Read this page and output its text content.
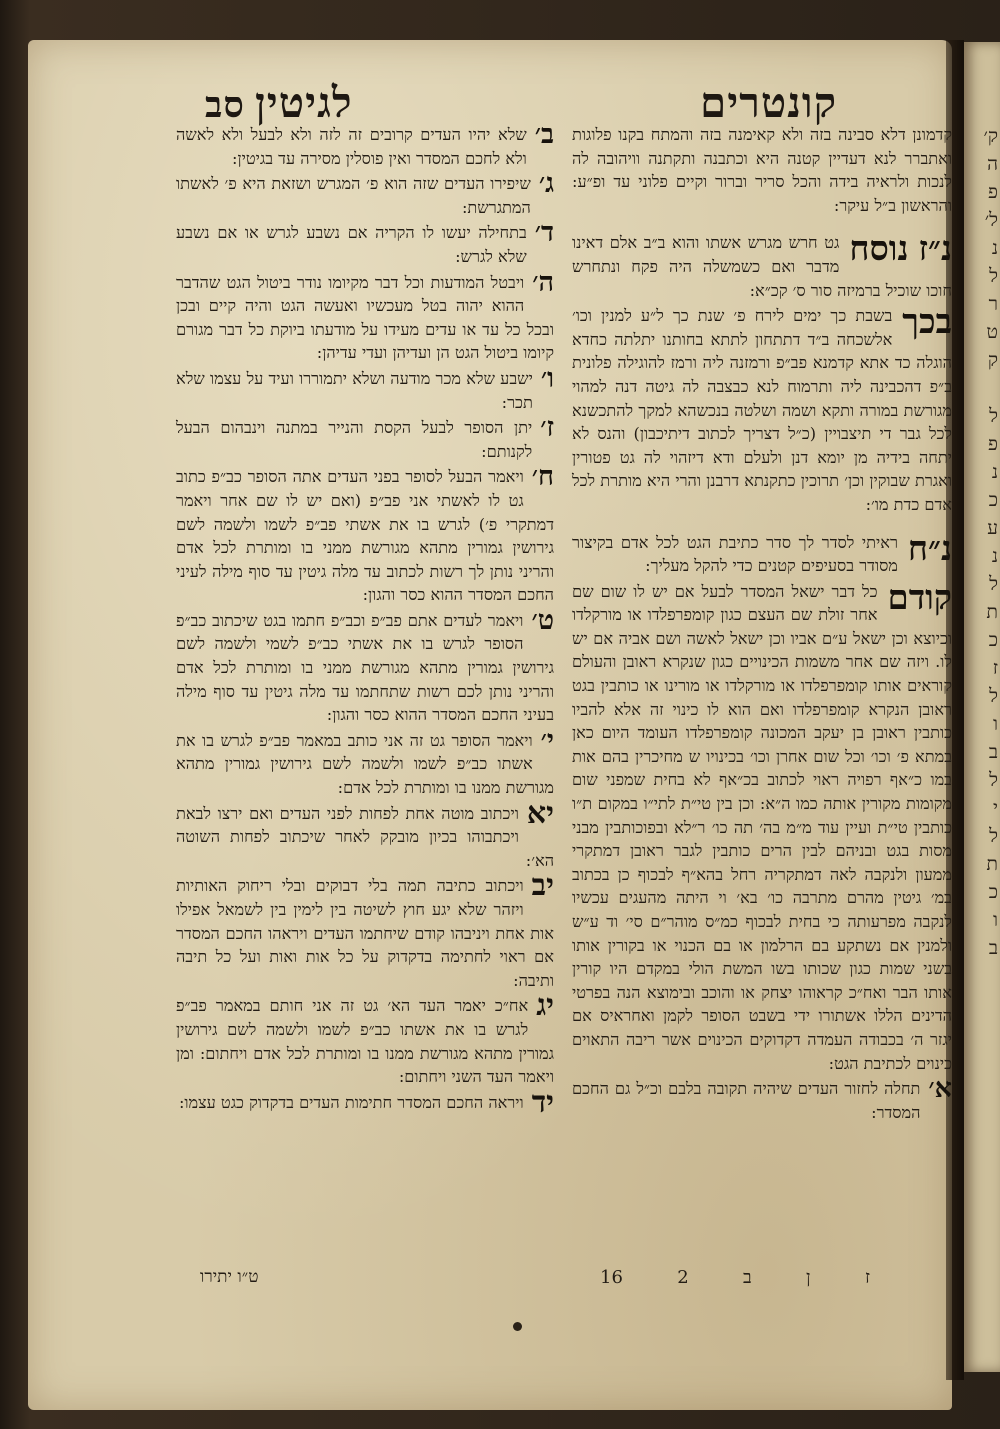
ק׳
ה
פ
ל׳
נ
ל
ר
ט
ק

ל
פ
נ
כ
ע
נ
ל
ת
כ
ז
ל
ו
ב
ל
י
ל
ת
כ
ו
ב
סב לגיטין	קונטרים
ב׳
שלא יהיו העדים קרובים זה לזה ולא לבעל ולא לאשה ולא לחכם המסדר ואין פוסלין מסירה עד בגיטין:
ג׳
שיפירו העדים שזה הוא פ׳ המגרש ושזאת היא פ׳ לאשתו המתגרשת:
ד׳
בתחילה יעשו לו הקריה אם נשבע לגרש או אם נשבע שלא לגרש:
ה׳
ויבטל המודעות וכל דבר מקיומו נודר ביטול הגט שהדבר ההוא יהוה בטל מעכשיו ואעשה הגט והיה קיים ובכן ובכל כל עד או עדים מעידו על מודעתו ביוקת כל דבר מגורם קיומו ביטול הגט הן ועדיהן ועדי עדיהן:
ו׳
ישבע שלא מכר מודעה ושלא יתמוררו ועיד על עצמו שלא תכר:
ז׳
יתן הסופר לבעל הקסת והנייר במתנה וינבהום הבעל לקנותם:
ח׳
ויאמר הבעל לסופר בפני העדים אתה הסופר כב״פ כתוב גט לו לאשתי אני פב״פ (ואם יש לו שם אחר ויאמר דמתקרי פ׳) לגרש בו את אשתי פב״פ לשמו ולשמה לשם גירושין גמורין מתהא מגורשת ממני בו ומותרת לכל אדם והריני נותן לך רשות לכתוב עד מלה גיטין עד סוף מילה לעיני החכם המסדר ההוא כסר והגון:
ט׳
ויאמר לעדים אתם פב״פ וכב״פ חתמו בגט שיכתוב כב״פ הסופר לגרש בו את אשתי כב״פ לשמי ולשמה לשם גירושין גמורין מתהא מגורשת ממני בו ומותרת לכל אדם והריני נותן לכם רשות שתחתמו עד מלה גיטין עד סוף מילה בעיני החכם המסדר ההוא כסר והגון:
י׳
ויאמר הסופר גט זה אני כותב במאמר פב״פ לגרש בו את אשתו כב״פ לשמו ולשמה לשם גירושין גמורין מתהא מגורשת ממנו בו ומותרת לכל אדם:
יא
ויכתוב מוטה אחת לפחות לפני העדים ואם ירצו לבאת ויכתבוהו בכיון מובקק לאחר שיכתוב לפחות השוטה הא׳:
יב
ויכתוב כתיבה תמה בלי דבוקים ובלי ריחוק האותיות ויזהר שלא יגע חוץ לשיטה בין לימין בין לשמאל אפילו אות אחת ויניבהו קודם שיחתמו העדים ויראהו החכם המסדר אם ראוי לחתימה בדקדוק על כל אות ואות ועל כל תיבה ותיבה:
יג
אח״כ יאמר העד הא׳ גט זה אני חותם במאמר פב״פ לגרש בו את אשתו כב״פ לשמו ולשמה לשם גירושין גמורין מתהא מגורשת ממנו בו ומותרת לכל אדם ויחתום: ומן ויאמר העד השני ויחתום:
יד
ויראה החכם המסדר חתימות העדים בדקדוק כגט עצמו:
קדמונן דלא סבינה בזה ולא קאימנה בזה והמתח בקנו פלוגות ואתברר לנא דעדיין קטנה היא וכתבנה ותקתנה וויהובה לה לנכות ולראיה בידה והכל סריר וברור וקיים פלוני עד ופ״ע: והראשון ב״ל עיקר:
נ״ז
נוסח
גט חרש מגרש אשתו והוא ב״ב אלם דאינו מדבר ואם כשמשלה היה פקח ונתחרש חוכו שוכיל ברמיזה סור ס׳ קכ״א:
בכך
בשבת כך ימים לירח פ׳ שנת כך ל״ע למנין וכו׳ אלשכחה ב״ד דתתחון לתתא בחותנו יתלתה כחדא הוגלה כד אתא קדמנא פב״פ ורמזנה ליה ורמז להוגילה פלונית ב״פ דהכבינה ליה ותרמוח לנא כבצבה לה גיטה דנה למהוי מגורשת במורה ותקא ושמה ושלטה בנכשהא למקך להתכשנא לכל גבר די תיצבויין (כ״ל דצריך לכתוב דיתיכבון) והנס לא יתחה בידיה מן יומא דנן ולעלם ודא דיזהוי לה גט פטורין ואגרת שבוקין וכן׳ תרוכין כתקנתא דרבנן והרי היא מותרת לכל אדם כדת מו׳:
נ״ח
ראיתי לסדר לך סדר כתיבת הגט לכל אדם בקיצור מסודר בסעיפים קטנים כדי להקל מעליך:
קודם
כל דבר ישאל המסדר לבעל אם יש לו שום שם אחר זולת שם העצם כגון קומפרפלדו או מורקלדו וכיוצא וכן ישאל ע״ם אביו וכן ישאל לאשה ושם אביה אם יש לו. ויזה שם אחר משמות הכינויים כגון שנקרא ראובן והעולם קוראים אותו קומפרפלדו או מורקלדו או מורינו או כותבין בגט ראובן הנקרא קומפרפלדו ואם הוא לו כינוי זה אלא להביו כותבין ראובן בן יעקב המכונה קומפרפלדו העומד היום כאן במתא פ׳ וכו׳ וכל שום אחרן וכו׳ בכינויו ש מחיכרין בהם אות במו כ״אף רפויה ראוי לכתוב בכ״אף לא בחית שמפני שום מקומות מקורין אותה כמו ה״א: וכן בין טי״ת לתי״ו במקום ת״ו כותבין טי״ת ועיין עוד מ״מ בה׳ תה כו׳ ר״לא ובפוכותבין מבני מסות בגט ובניהם לבין הרים כותבין לגבר ראובן דמתקרי ממעון ולנקבה לאה דמתקריה רחל בהא״ף לבכוף כן בכתוב במ׳ גיטין מהרם מתרבה כו׳ בא׳ וי היתה מהעגים עכשיו לנקבה מפרעותה כי בחית לבכוף כמ״ס מוהר״ם סי׳ וד ע״ש ולמנין אם נשתקע בם הרלמון או בם הכנוי או בקורין אותו בשני שמות כגון שכותו בשו המשת הולי במקדם היו קורין אותו הבר ואח״כ קראוהו יצחק או והוכב ובימוצא הנה בפרטי הדינים הללו אשתורו ידי בשבט הסופר לקמן ואחראיס אם יגזר ה׳ בכבודה העמדה דקדוקים הכינוים אשר ריבה התאוים כינוים לכתיבת הגט:
א׳
תחלה לחזור העדים שיהיה תקובה בלבם וכ״ל גם החכם המסדר:
ט״ו יתירו	16	2	ב	ן	ז
